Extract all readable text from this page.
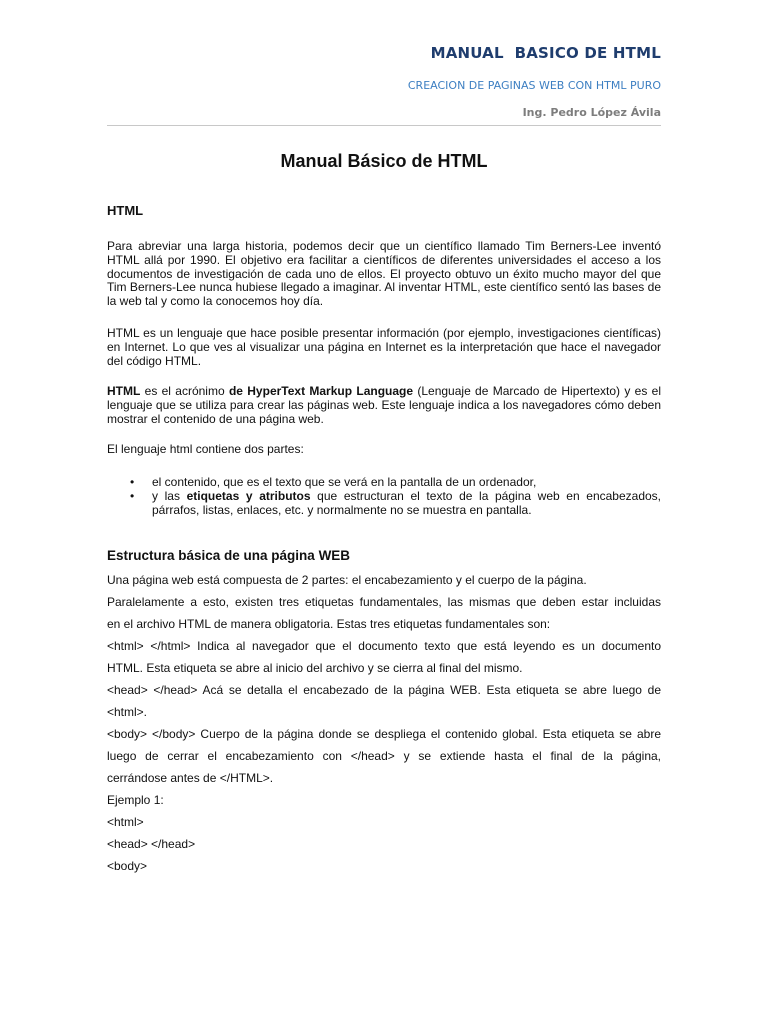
MANUAL  BASICO DE HTML
CREACION DE PAGINAS WEB CON HTML PURO
Ing. Pedro López Ávila
Manual Básico de HTML
HTML

Para abreviar una larga historia, podemos decir que un científico llamado Tim Berners-Lee inventó HTML allá por 1990. El objetivo era facilitar a científicos de diferentes universidades el acceso a los documentos de investigación de cada uno de ellos. El proyecto obtuvo un éxito mucho mayor del que Tim Berners-Lee nunca hubiese llegado a imaginar. Al inventar HTML, este científico sentó las bases de la web tal y como la conocemos hoy día.

HTML es un lenguaje que hace posible presentar información (por ejemplo, investigaciones científicas) en Internet. Lo que ves al visualizar una página en Internet es la interpretación que hace el navegador del código HTML.

HTML es el acrónimo de HyperText Markup Language (Lenguaje de Marcado de Hipertexto) y es el lenguaje que se utiliza para crear las páginas web. Este lenguaje indica a los navegadores cómo deben mostrar el contenido de una página web.

El lenguaje html contiene dos partes:

• el contenido, que es el texto que se verá en la pantalla de un ordenador,
• y las etiquetas y atributos que estructuran el texto de la página web en encabezados, párrafos, listas, enlaces, etc. y normalmente no se muestra en pantalla.
Estructura básica de una página WEB
Una página web está compuesta de 2 partes: el encabezamiento y el cuerpo de la página.
Paralelamente a esto, existen tres etiquetas fundamentales, las mismas que deben estar incluidas
en el archivo HTML de manera obligatoria. Estas tres etiquetas fundamentales son:
<html> </html> Indica al navegador que el documento texto que está leyendo es un documento
HTML. Esta etiqueta se abre al inicio del archivo y se cierra al final del mismo.
<head> </head> Acá se detalla el encabezado de la página WEB. Esta etiqueta se abre luego de
<html>.
<body> </body> Cuerpo de la página donde se despliega el contenido global. Esta etiqueta se abre
luego de cerrar el encabezamiento con </head> y se extiende hasta el final de la página,
cerrándose antes de </HTML>.
Ejemplo 1:
<html>
<head> </head>
<body>
